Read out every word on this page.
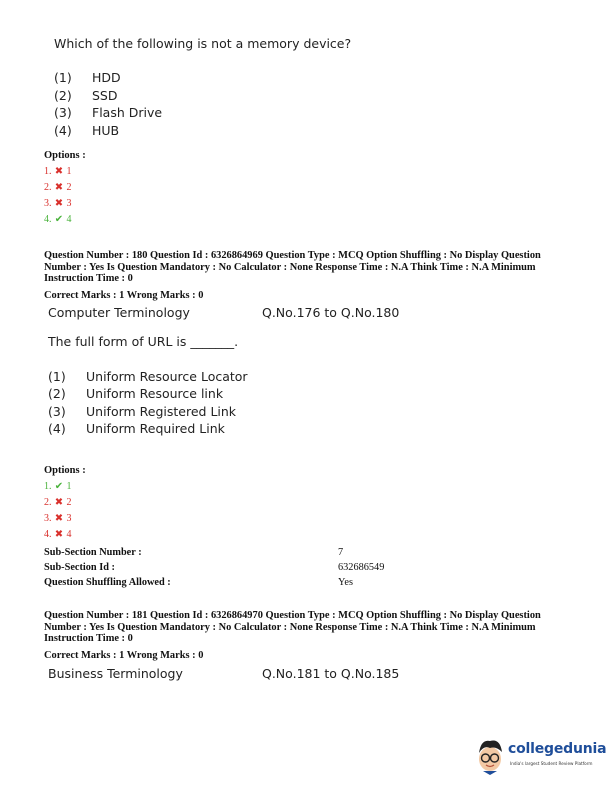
Which of the following is not a memory device?
(1) HDD
(2) SSD
(3) Flash Drive
(4) HUB
Options :
1. ✖ 1
2. ✖ 2
3. ✖ 3
4. ✔ 4
Question Number : 180 Question Id : 6326864969 Question Type : MCQ Option Shuffling : No Display Question Number : Yes Is Question Mandatory : No Calculator : None Response Time : N.A Think Time : N.A Minimum Instruction Time : 0
Correct Marks : 1 Wrong Marks : 0
Computer Terminology	Q.No.176 to Q.No.180
The full form of URL is _______.
(1) Uniform Resource Locator
(2) Uniform Resource link
(3) Uniform Registered Link
(4) Uniform Required Link
Options :
1. ✔ 1
2. ✖ 2
3. ✖ 3
4. ✖ 4
Sub-Section Number :	7
Sub-Section Id :	632686549
Question Shuffling Allowed :	Yes
Question Number : 181 Question Id : 6326864970 Question Type : MCQ Option Shuffling : No Display Question Number : Yes Is Question Mandatory : No Calculator : None Response Time : N.A Think Time : N.A Minimum Instruction Time : 0
Correct Marks : 1 Wrong Marks : 0
Business Terminology	Q.No.181 to Q.No.185
collegedunia
India's largest Student Review Platform
